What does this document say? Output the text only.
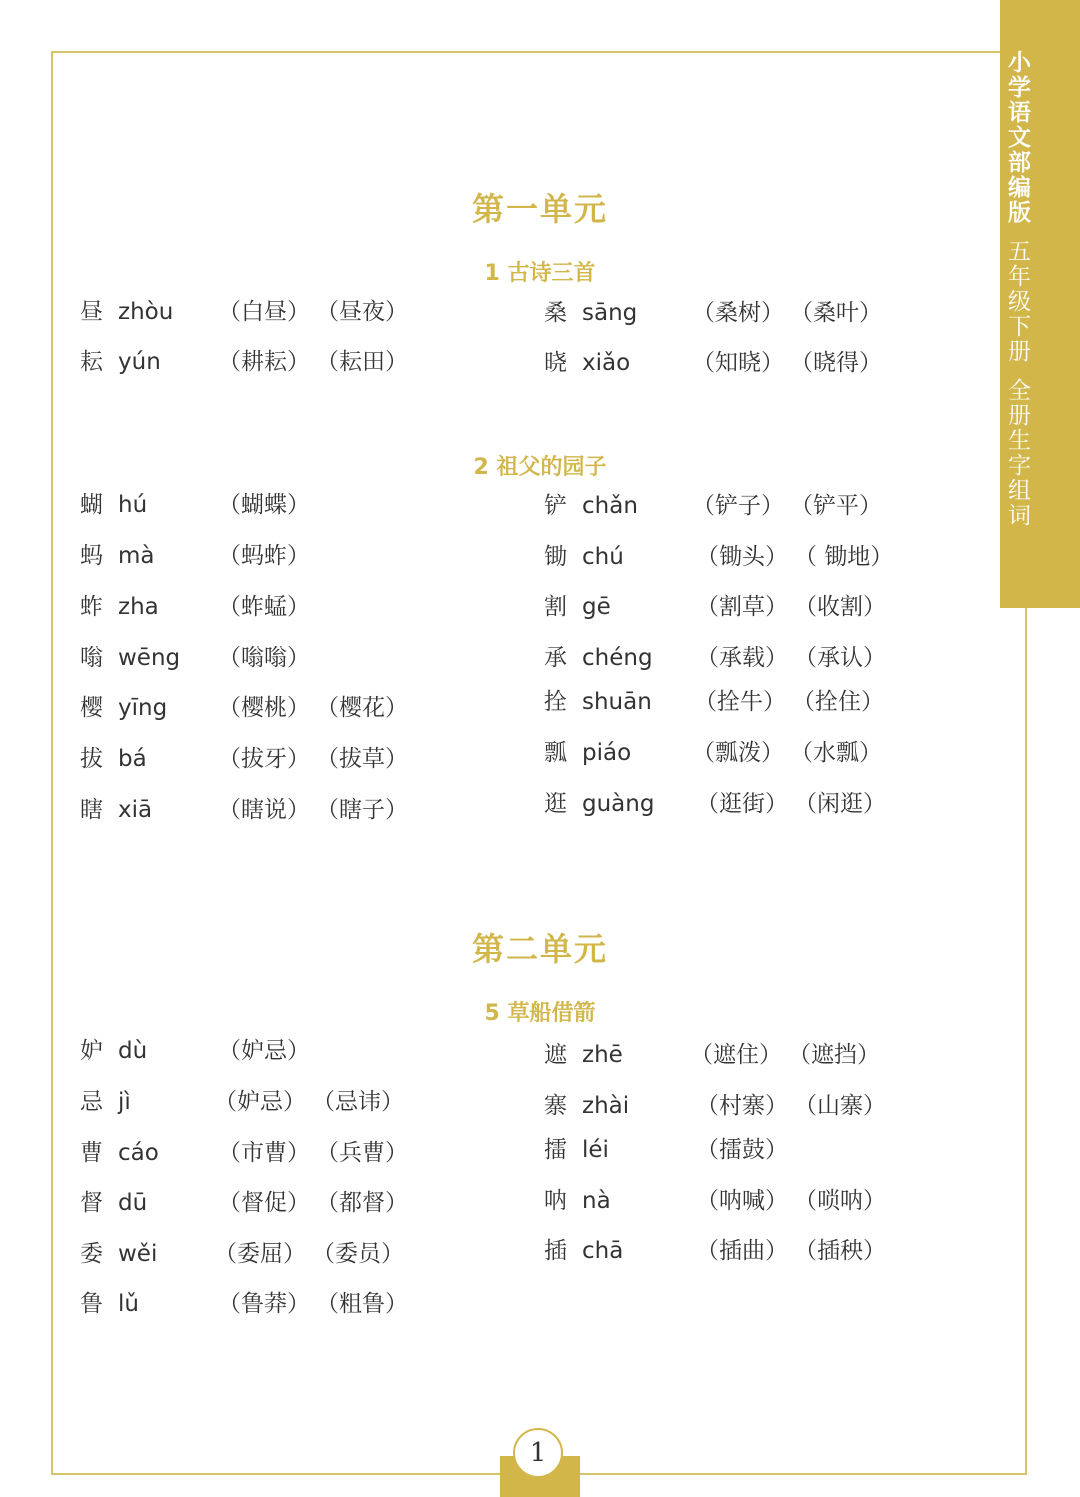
小学语文部编版五年级下册全册生字组词
第一单元
1 古诗三首
昼 zhòu （白昼） （昼夜）
耘 yún （耕耘） （耘田）
桑 sāng （桑树） （桑叶）
晓 xiǎo	（知晓） （晓得）
2 祖父的园子
蝴 hú	（蝴蝶）
蚂 mà	（蚂蚱）
蚱 zha	（蚱蜢）
嗡 wēng （嗡嗡）
樱 yīng （樱桃） （樱花）
拔 bá	（拔牙） （拔草）
瞎 xiā	（瞎说） （瞎子）
铲 chǎn （铲子） （铲平）
锄 chú	（锄头） （ 锄地）
割 gē	（割草） （收割）
承 chéng （承载） （承认）
拴 shuān （拴牛） （拴住）
瓢 piáo	（瓢泼） （水瓢）
逛 guàng （逛街） （闲逛）
第二单元
5 草船借箭
妒 dù	（妒忌）
忌 jì	（妒忌） （忌讳）
曹 cáo	（市曹） （兵曹）
督 dū	（督促） （都督）
委 wěi （委屈） （委员）
鲁 lǔ	（鲁莽） （粗鲁）
遮 zhē	（遮住） （遮挡）
寨 zhài	（村寨） （山寨）
擂 léi	（擂鼓）
呐 nà	（呐喊） （唢呐）
插 chā	（插曲） （插秧）
1
